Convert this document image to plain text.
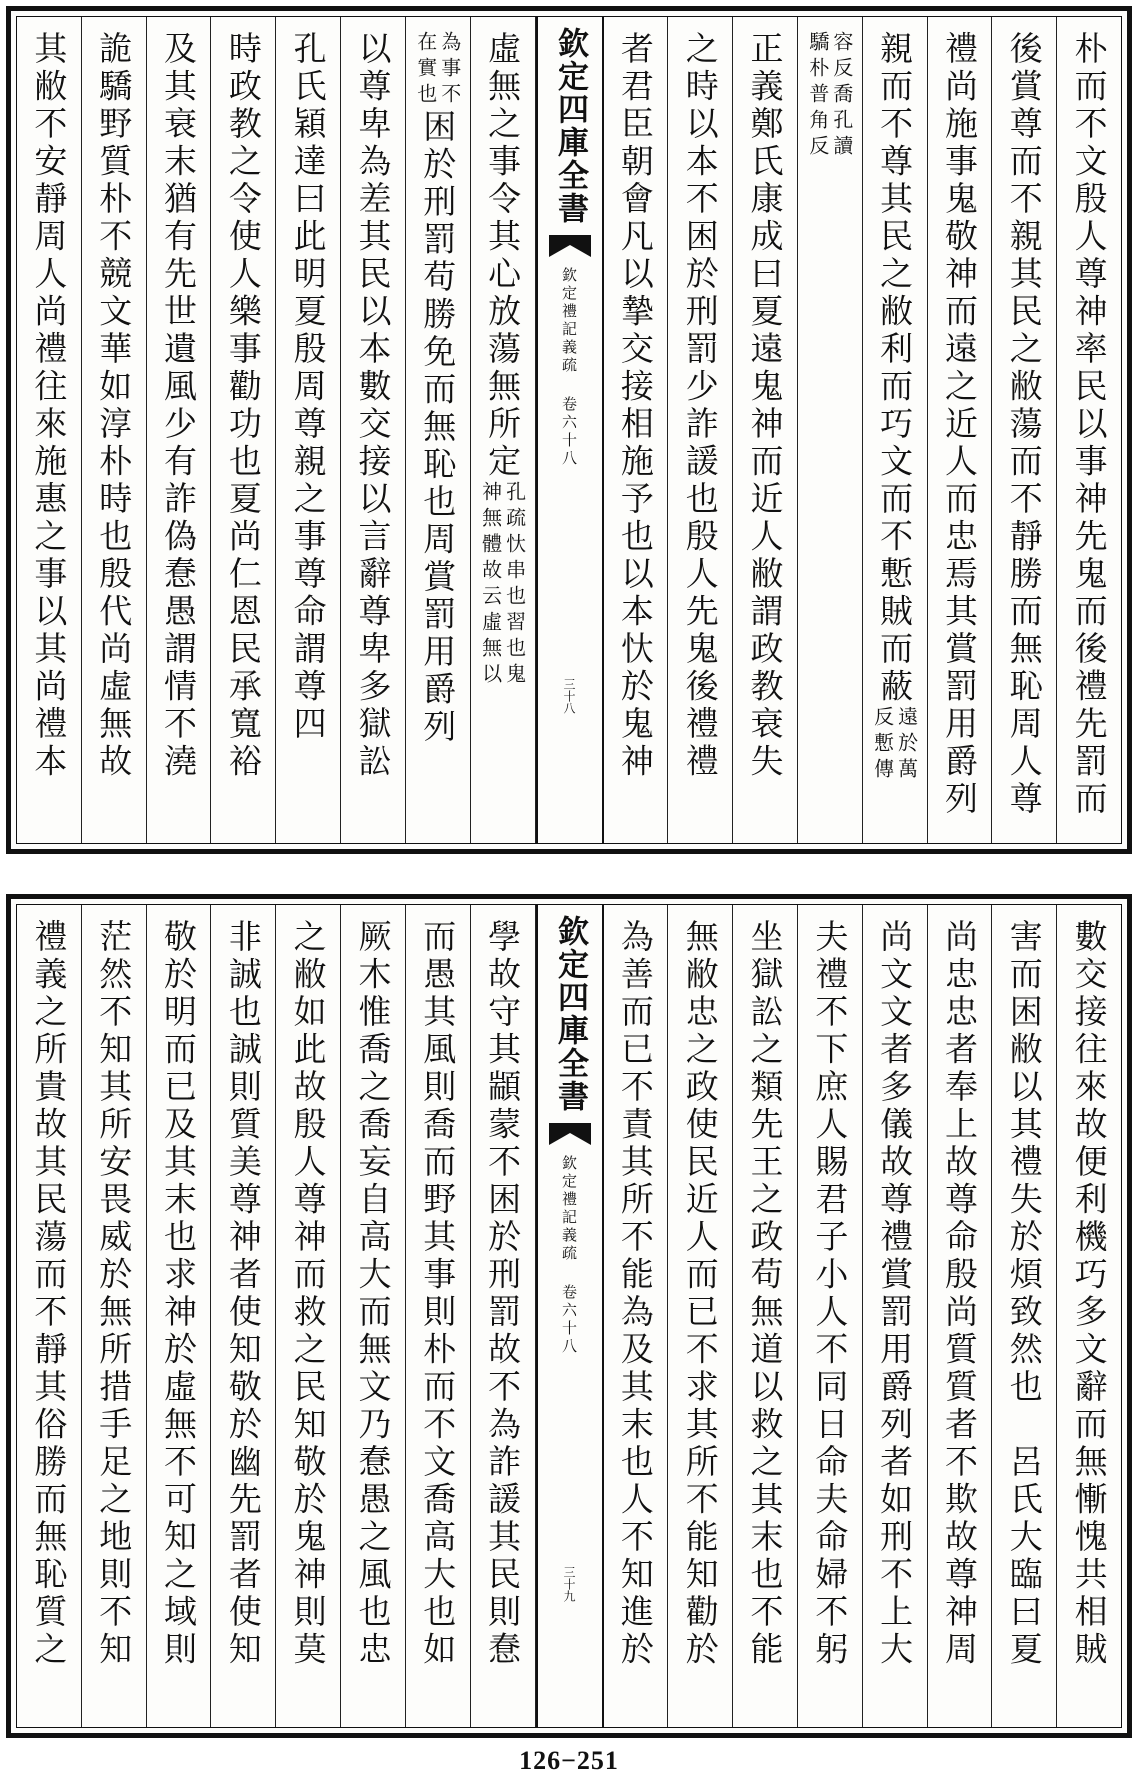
朴而不文殷人尊神率民以事神先鬼而後禮先罰而
後賞尊而不親其民之敝蕩而不靜勝而無恥周人尊
禮尚施事鬼敬神而遠之近人而忠焉其賞罰用爵列
親而不尊其民之敝利而巧文而不慙賊而蔽
遠於萬
反慙傳
容反喬孔讀
驕朴普角反
正義鄭氏康成曰夏遠鬼神而近人敝謂政教衰失
之時以本不困於刑罰少詐諼也殷人先鬼後禮禮
者君臣朝會凡以摯交接相施予也以本忕於鬼神
欽定四庫全書
欽定禮記義疏 卷六十八
三十八
虛無之事令其心放蕩無所定
孔疏忕串也習也鬼
神無體故云虛無以
為事不
在實也
困於刑罰苟勝免而無恥也周賞罰用爵列
以尊卑為差其民以本數交接以言辭尊卑多獄訟
孔氏穎達曰此明夏殷周尊親之事尊命謂尊四
時政教之令使人樂事勸功也夏尚仁恩民承寬裕
及其衰末猶有先世遺風少有詐偽惷愚謂情不澆
詭驕野質朴不競文華如淳朴時也殷代尚虛無故
其敝不安靜周人尚禮往來施惠之事以其尚禮本
數交接往來故便利機巧多文辭而無慚愧共相賊
害而困敝以其禮失於煩致然也　呂氏大臨曰夏
尚忠忠者奉上故尊命殷尚質質者不欺故尊神周
尚文文者多儀故尊禮賞罰用爵列者如刑不上大
夫禮不下庶人賜君子小人不同日命夫命婦不躬
坐獄訟之類先王之政苟無道以救之其末也不能
無敝忠之政使民近人而已不求其所不能知勸於
為善而已不責其所不能為及其末也人不知進於
欽定四庫全書
欽定禮記義疏 卷六十八
三十九
學故守其顓蒙不困於刑罰故不為詐諼其民則惷
而愚其風則喬而野其事則朴而不文喬高大也如
厥木惟喬之喬妄自高大而無文乃惷愚之風也忠
之敝如此故殷人尊神而救之民知敬於鬼神則莫
非誠也誠則質美尊神者使知敬於幽先罰者使知
敬於明而已及其末也求神於虛無不可知之域則
茫然不知其所安畏威於無所措手足之地則不知
禮義之所貴故其民蕩而不靜其俗勝而無恥質之
126−251
